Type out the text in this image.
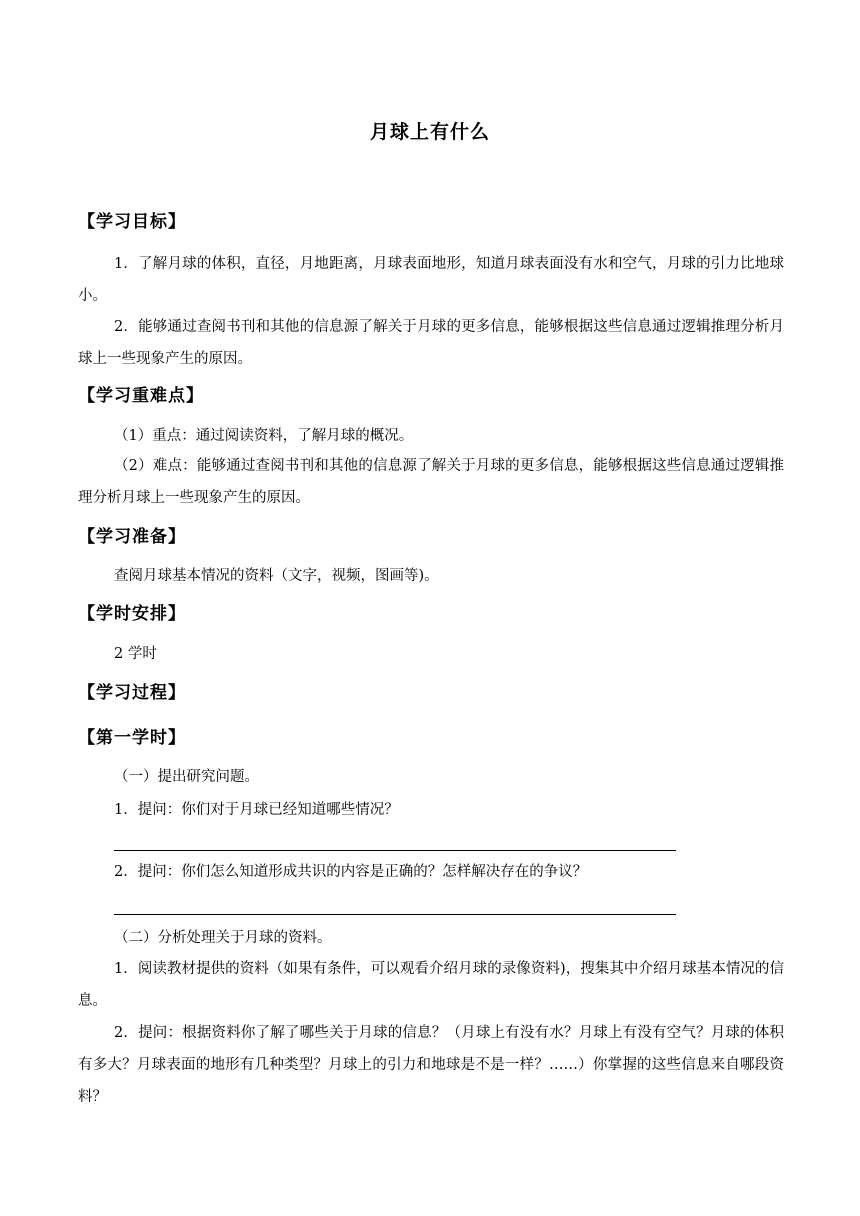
月球上有什么
【学习目标】
1．了解月球的体积，直径，月地距离，月球表面地形，知道月球表面没有水和空气，月球的引力比地球小。
2．能够通过查阅书刊和其他的信息源了解关于月球的更多信息，能够根据这些信息通过逻辑推理分析月球上一些现象产生的原因。
【学习重难点】
（1）重点：通过阅读资料，了解月球的概况。
（2）难点：能够通过查阅书刊和其他的信息源了解关于月球的更多信息，能够根据这些信息通过逻辑推理分析月球上一些现象产生的原因。
【学习准备】
查阅月球基本情况的资料（文字，视频，图画等)。
【学时安排】
2 学时
【学习过程】
【第一学时】
（一）提出研究问题。
1．提问：你们对于月球已经知道哪些情况？
2．提问：你们怎么知道形成共识的内容是正确的？怎样解决存在的争议？
（二）分析处理关于月球的资料。
1．阅读教材提供的资料（如果有条件，可以观看介绍月球的录像资料)，搜集其中介绍月球基本情况的信息。
2．提问：根据资料你了解了哪些关于月球的信息？（月球上有没有水？月球上有没有空气？月球的体积有多大？月球表面的地形有几种类型？月球上的引力和地球是不是一样？……）你掌握的这些信息来自哪段资料？
